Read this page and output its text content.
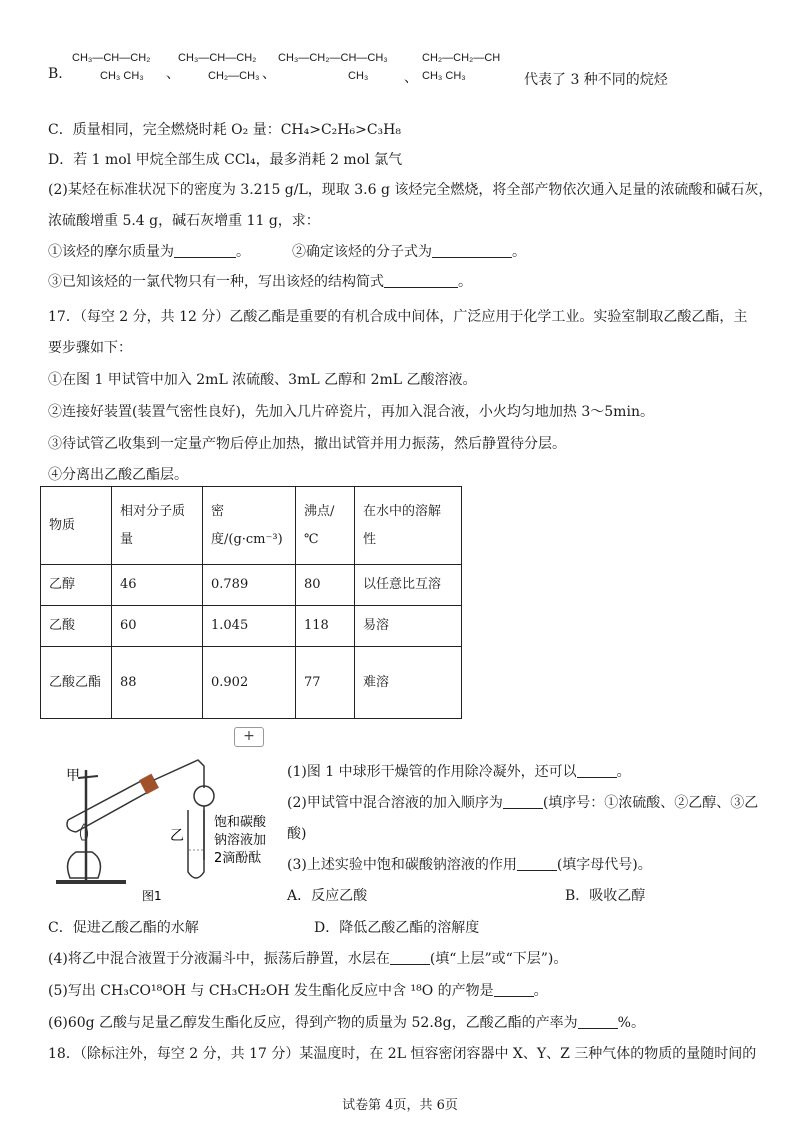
B.
CH₃—CH—CH₂
CH₃ CH₃	、
CH₃—CH—CH₂
CH₂—CH₃ 、
CH₃—CH₂—CH—CH₃
CH₃	、
CH₂—CH₂—CH
CH₃ CH₃	代表了 3 种不同的烷烃
C．质量相同，完全燃烧时耗 O₂ 量：CH₄>C₂H₆>C₃H₈
D．若 1 mol 甲烷全部生成 CCl₄，最多消耗 2 mol 氯气
(2)某烃在标准状况下的密度为 3.215 g/L，现取 3.6 g 该烃完全燃烧，将全部产物依次通入足量的浓硫酸和碱石灰，
浓硫酸增重 5.4 g，碱石灰增重 11 g，求：
①该烃的摩尔质量为	。	②确定该烃的分子式为	。
③已知该烃的一氯代物只有一种，写出该烃的结构简式	。
17．（每空 2 分，共 12 分）乙酸乙酯是重要的有机合成中间体，广泛应用于化学工业。实验室制取乙酸乙酯，主
要步骤如下：
①在图 1 甲试管中加入 2mL 浓硫酸、3mL 乙醇和 2mL 乙酸溶液。
②连接好装置(装置气密性良好)，先加入几片碎瓷片，再加入混合液，小火均匀地加热 3～5min。
③待试管乙收集到一定量产物后停止加热，撤出试管并用力振荡，然后静置待分层。
④分离出乙酸乙酯层。
物质	相对分子质量	密度/(g·cm⁻³)	沸点/℃	在水中的溶解性
乙醇	46	0.789	80	以任意比互溶
乙酸	60	1.045	118	易溶
乙酸乙酯	88	0.902	77	难溶
+
甲
乙
饱和碳酸
钠溶液加
2滴酚酞
图1
(1)图 1 中球形干燥管的作用除冷凝外，还可以	。
(2)甲试管中混合溶液的加入顺序为	(填序号：①浓硫酸、②乙醇、③乙
酸)
(3)上述实验中饱和碳酸钠溶液的作用	(填字母代号)。
A．反应乙酸	B．吸收乙醇
C．促进乙酸乙酯的水解	D．降低乙酸乙酯的溶解度
(4)将乙中混合液置于分液漏斗中，振荡后静置，水层在	(填“上层”或“下层”)。
(5)写出 CH₃CO¹⁸OH 与 CH₃CH₂OH 发生酯化反应中含 ¹⁸O 的产物是	。
(6)60g 乙酸与足量乙醇发生酯化反应，得到产物的质量为 52.8g，乙酸乙酯的产率为	%。
18．（除标注外，每空 2 分，共 17 分）某温度时，在 2L 恒容密闭容器中 X、Y、Z 三种气体的物质的量随时间的
试卷第 4页，共 6页
